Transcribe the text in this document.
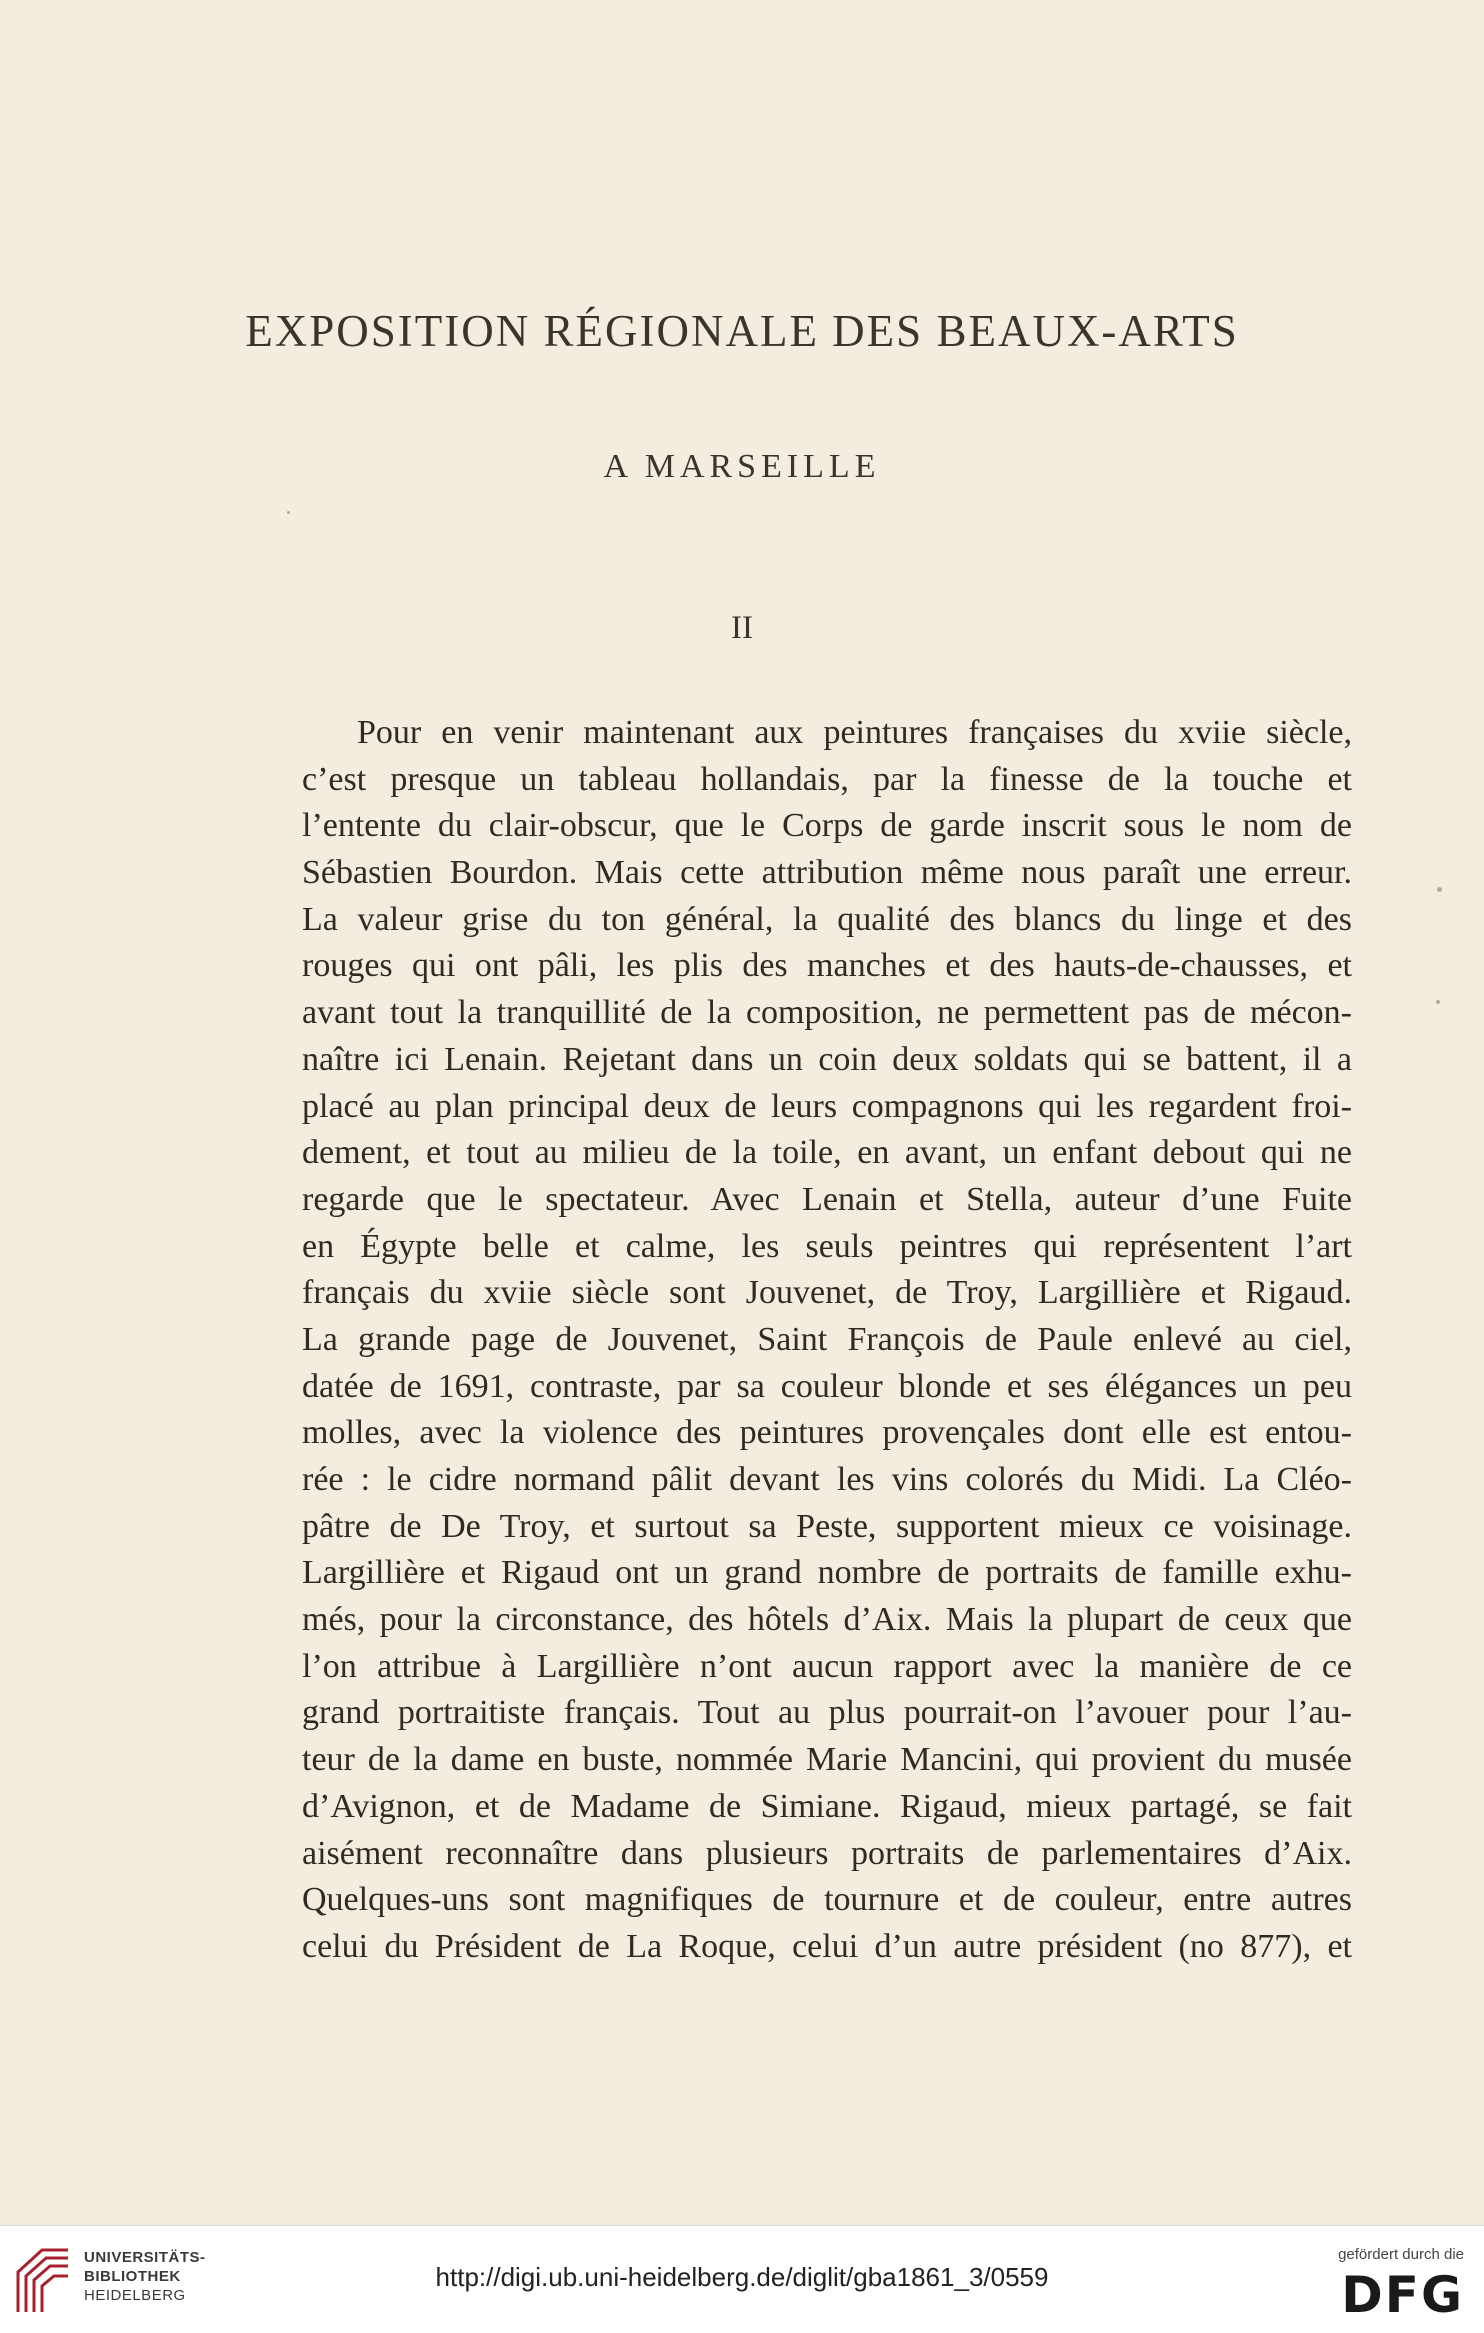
EXPOSITION RÉGIONALE DES BEAUX-ARTS
A MARSEILLE
II
Pour en venir maintenant aux peintures françaises du xviie siècle,
c’est presque un tableau hollandais, par la finesse de la touche et
l’entente du clair-obscur, que le Corps de garde inscrit sous le nom de
Sébastien Bourdon. Mais cette attribution même nous paraît une erreur.
La valeur grise du ton général, la qualité des blancs du linge et des
rouges qui ont pâli, les plis des manches et des hauts-de-chausses, et
avant tout la tranquillité de la composition, ne permettent pas de mécon-
naître ici Lenain. Rejetant dans un coin deux soldats qui se battent, il a
placé au plan principal deux de leurs compagnons qui les regardent froi-
dement, et tout au milieu de la toile, en avant, un enfant debout qui ne
regarde que le spectateur. Avec Lenain et Stella, auteur d’une Fuite
en Égypte belle et calme, les seuls peintres qui représentent l’art
français du xviie siècle sont Jouvenet, de Troy, Largillière et Rigaud.
La grande page de Jouvenet, Saint François de Paule enlevé au ciel,
datée de 1691, contraste, par sa couleur blonde et ses élégances un peu
molles, avec la violence des peintures provençales dont elle est entou-
rée : le cidre normand pâlit devant les vins colorés du Midi. La Cléo-
pâtre de De Troy, et surtout sa Peste, supportent mieux ce voisinage.
Largillière et Rigaud ont un grand nombre de portraits de famille exhu-
més, pour la circonstance, des hôtels d’Aix. Mais la plupart de ceux que
l’on attribue à Largillière n’ont aucun rapport avec la manière de ce
grand portraitiste français. Tout au plus pourrait-on l’avouer pour l’au-
teur de la dame en buste, nommée Marie Mancini, qui provient du musée
d’Avignon, et de Madame de Simiane. Rigaud, mieux partagé, se fait
aisément reconnaître dans plusieurs portraits de parlementaires d’Aix.
Quelques-uns sont magnifiques de tournure et de couleur, entre autres
celui du Président de La Roque, celui d’un autre président (no 877), et
UNIVERSITÄTS-
BIBLIOTHEK
HEIDELBERG
http://digi.ub.uni-heidelberg.de/diglit/gba1861_3/0559
gefördert durch die
DFG
